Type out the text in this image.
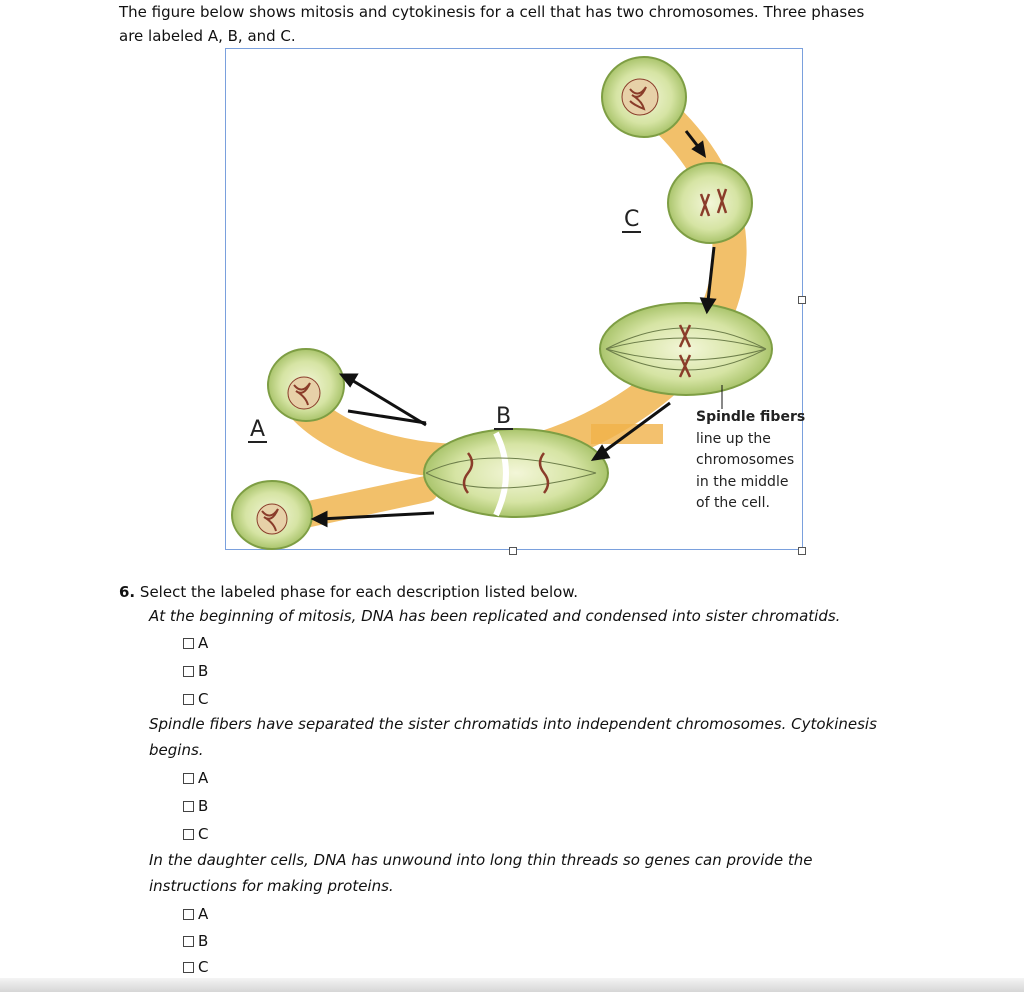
The figure below shows mitosis and cytokinesis for a cell that has two chromosomes. Three phases
are labeled A, B, and C.
A
B
C
Spindle fibers
line up the
chromosomes
in the middle
of the cell.
6. Select the labeled phase for each description listed below.
At the beginning of mitosis, DNA has been replicated and condensed into sister chromatids.
A
B
C
Spindle fibers have separated the sister chromatids into independent chromosomes. Cytokinesis
begins.
A
B
C
In the daughter cells, DNA has unwound into long thin threads so genes can provide the
instructions for making proteins.
A
B
C
